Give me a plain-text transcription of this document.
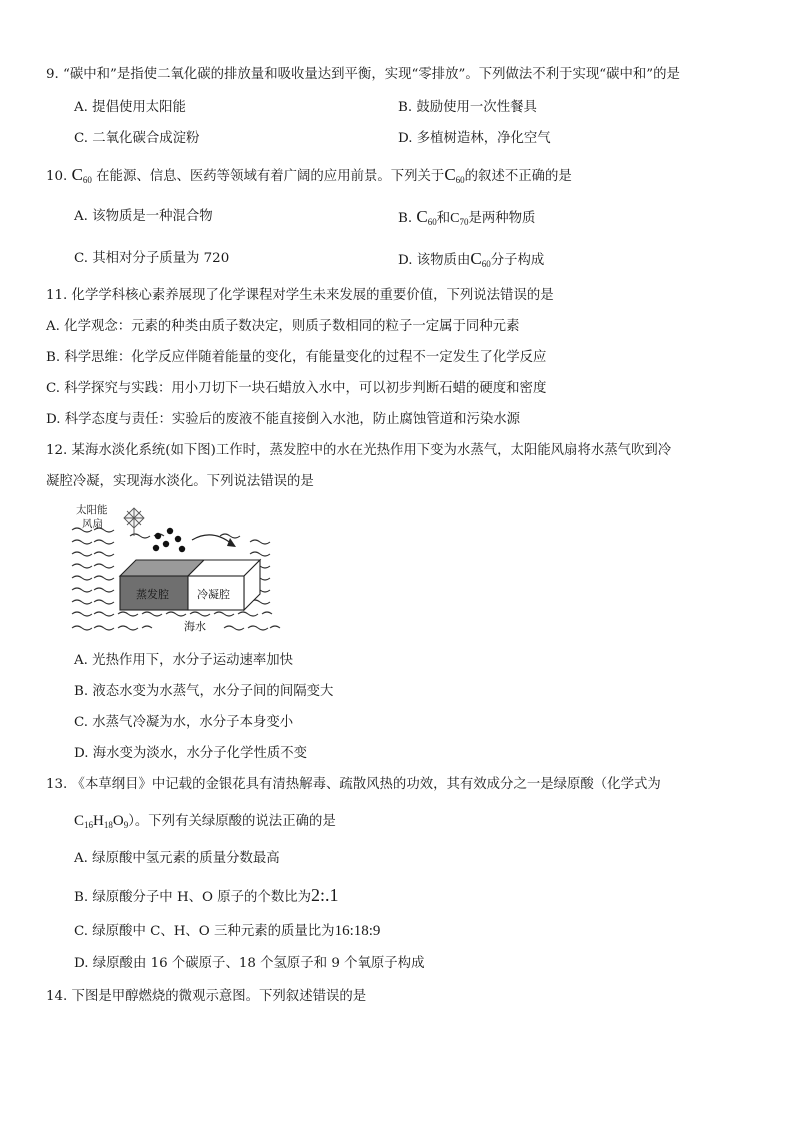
9. “碳中和”是指使二氧化碳的排放量和吸收量达到平衡，实现“零排放”。下列做法不利于实现“碳中和”的是
A. 提倡使用太阳能	B. 鼓励使用一次性餐具
C. 二氧化碳合成淀粉	D. 多植树造林，净化空气
10. $C_{60}$ 在能源、信息、医药等领域有着广阔的应用前景。下列关于$C_{60}$的叙述不正确的是
A. 该物质是一种混合物	B. $C_{60}$和$C_{70}$是两种物质
C. 其相对分子质量为 720	D. 该物质由$C_{60}$分子构成
11. 化学学科核心素养展现了化学课程对学生未来发展的重要价值，下列说法错误的是
A. 化学观念：元素的种类由质子数决定，则质子数相同的粒子一定属于同种元素
B. 科学思维：化学反应伴随着能量的变化，有能量变化的过程不一定发生了化学反应
C. 科学探究与实践：用小刀切下一块石蜡放入水中，可以初步判断石蜡的硬度和密度
D. 科学态度与责任：实验后的废液不能直接倒入水池，防止腐蚀管道和污染水源
12. 某海水淡化系统(如下图)工作时，蒸发腔中的水在光热作用下变为水蒸气，太阳能风扇将水蒸气吹到冷
凝腔冷凝，实现海水淡化。下列说法错误的是
太阳能
风扇
蒸发腔	冷凝腔
海水
A. 光热作用下，水分子运动速率加快
B. 液态水变为水蒸气，水分子间的间隔变大
C. 水蒸气冷凝为水，水分子本身变小
D. 海水变为淡水，水分子化学性质不变
13. 《本草纲目》中记载的金银花具有清热解毒、疏散风热的功效，其有效成分之一是绿原酸（化学式为
$C_{16}H_{18}O_9$）。下列有关绿原酸的说法正确的是
A. 绿原酸中氢元素的质量分数最高
B. 绿原酸分子中 H、O 原子的个数比为2:.1
C. 绿原酸中 C、H、O 三种元素的质量比为16:18:9
D. 绿原酸由 16 个碳原子、18 个氢原子和 9 个氧原子构成
14. 下图是甲醇燃烧的微观示意图。下列叙述错误的是
